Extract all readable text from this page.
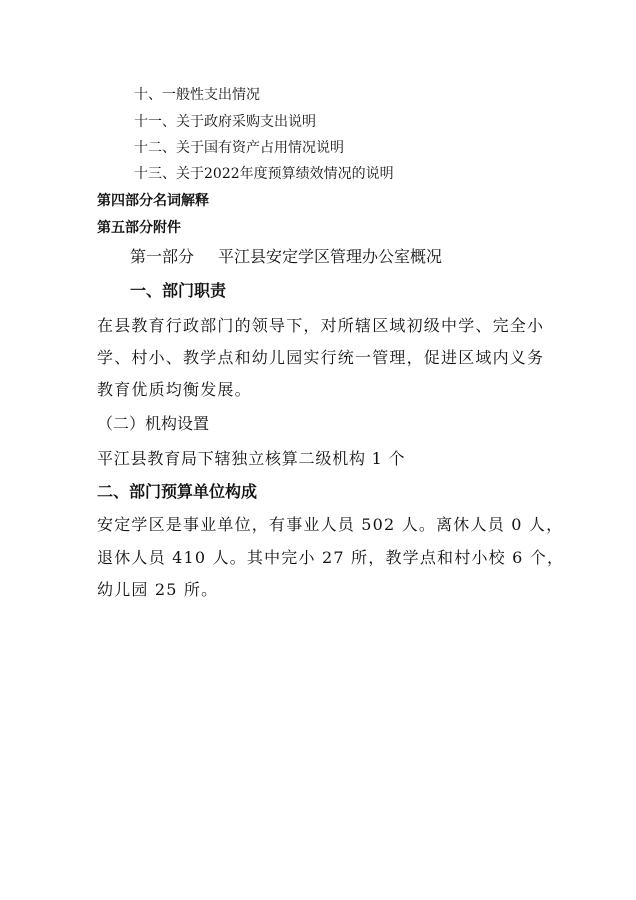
十、一般性支出情况
十一、关于政府采购支出说明
十二、关于国有资产占用情况说明
十三、关于2022年度预算绩效情况的说明
第四部分名词解释
第五部分附件
第一部分 平江县安定学区管理办公室概况
一、部门职责
在县教育行政部门的领导下，对所辖区域初级中学、完全小
学、村小、教学点和幼儿园实行统一管理，促进区域内义务
教育优质均衡发展。
（二）机构设置
平江县教育局下辖独立核算二级机构 1 个
二、部门预算单位构成
安定学区是事业单位，有事业人员 502 人。离休人员 0 人，
退休人员 410 人。其中完小 27 所，教学点和村小校 6 个，
幼儿园 25 所。
